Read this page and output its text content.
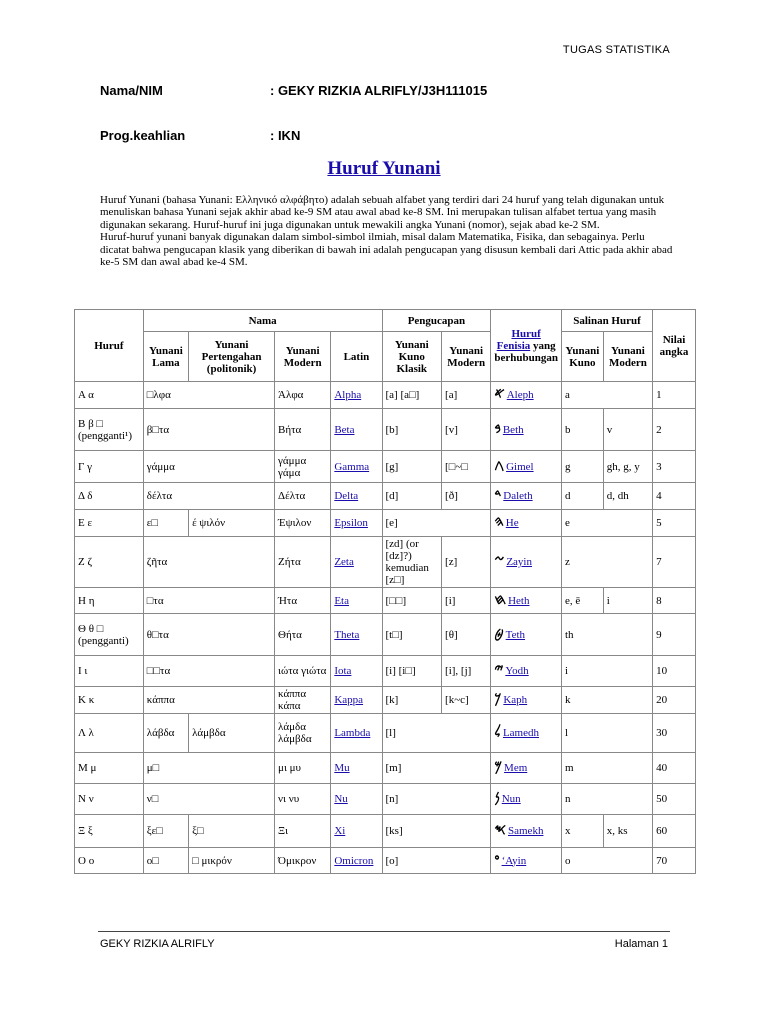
TUGAS STATISTIKA
Nama/NIM	: GEKY RIZKIA ALRIFLY/J3H111015
Prog.keahlian	: IKN
Huruf Yunani

Huruf Yunani (bahasa Yunani: Ελληνικό αλφάβητο) adalah sebuah alfabet yang terdiri dari 24 huruf yang telah digunakan untuk menuliskan bahasa Yunani sejak akhir abad ke-9 SM atau awal abad ke-8 SM. Ini merupakan tulisan alfabet tertua yang masih digunakan sekarang. Huruf-huruf ini juga digunakan untuk mewakili angka Yunani (nomor), sejak abad ke-2 SM.

Huruf-huruf yunani banyak digunakan dalam simbol-simbol ilmiah, misal dalam Matematika, Fisika, dan sebagainya. Perlu dicatat bahwa pengucapan klasik yang diberikan di bawah ini adalah pengucapan yang disusun kembali dari Attic pada akhir abad ke-5 SM dan awal abad ke-4 SM.

Huruf	Nama				Pengucapan		Huruf Fenisia yang berhubungan	Salinan Huruf		Nilai angka
	Yunani Lama	Yunani Pertengahan (politonik)	Yunani Modern	Latin	Yunani Kuno Klasik	Yunani Modern		Yunani Kuno	Yunani Modern	
Α α	□λφα		Άλφα	Alpha	[a] [a□]	[a]	𐤀 Aleph	a		1
Β β □ (pengganti¹)	β□τα		Βήτα	Beta	[b]	[v]	𐤁 Beth	b	v	2
Γ γ	γάμμα		γάμμα γάμα	Gamma	[g]	[□~□	𐤂 Gimel	g	gh, g, y	3
Δ δ	δέλτα		Δέλτα	Delta	[d]	[ð]	𐤃 Daleth	d	d, dh	4
Ε ε	ε□	έ ψιλόν	Έψιλον	Epsilon	[e]		𐤄 He	e		5
Ζ ζ	ζῆτα		Ζήτα	Zeta	[zd] (or [dz]?) kemudian [z□]	[z]	𐤆 Zayin	z		7
Η η	□τα		Ήτα	Eta	[□□]	[i]	𐤇 Heth	e, ē	i	8
Θ θ □ (pengganti)	θ□τα		Θήτα	Theta	[t□]	[θ]	𐤈 Teth	th		9
Ι ι	□□τα		ιώτα γιώτα	Iota	[i] [i□]	[i], [j]	𐤉 Yodh	i		10
Κ κ	κάππα		κάππα κάπα	Kappa	[k]	[k~c]	𐤊 Kaph	k		20
Λ λ	λάβδα	λάμβδα	λάμδα λάμβδα	Lambda	[l]		𐤋 Lamedh	l		30
Μ μ	μ□		μι μυ	Mu	[m]		𐤌 Mem	m		40
Ν ν	ν□		νι νυ	Nu	[n]		𐤍 Nun	n		50
Ξ ξ	ξε□	ξ□	Ξι	Xi	[ks]		𐤎 Samekh	x	x, ks	60
Ο ο	ο□	□ μικρόν	Όμικρον	Omicron	[o]		𐤏 ‘Ayin	o		70
GEKY RIZKIA ALRIFLY	Halaman 1
